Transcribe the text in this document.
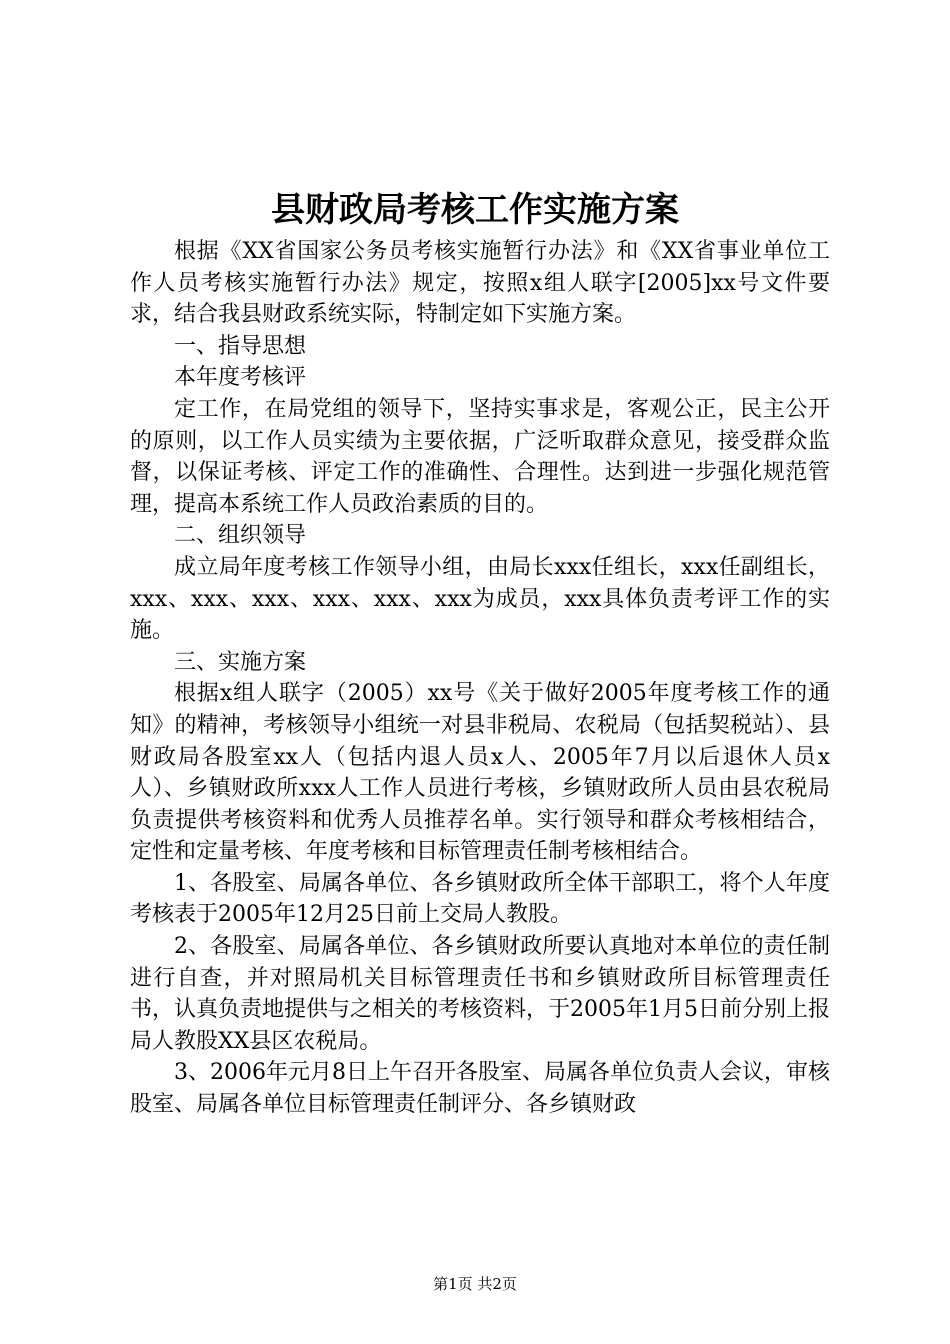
县财政局考核工作实施方案

根据《XX省国家公务员考核实施暂行办法》和《XX省事业单位工作人员考核实施暂行办法》规定，按照x组人联字[2005]xx号文件要求，结合我县财政系统实际，特制定如下实施方案。

一、指导思想

本年度考核评

定工作，在局党组的领导下，坚持实事求是，客观公正，民主公开的原则，以工作人员实绩为主要依据，广泛听取群众意见，接受群众监督，以保证考核、评定工作的准确性、合理性。达到进一步强化规范管理，提高本系统工作人员政治素质的目的。

二、组织领导

成立局年度考核工作领导小组，由局长xxx任组长，xxx任副组长，xxx、xxx、xxx、xxx、xxx、xxx为成员，xxx具体负责考评工作的实施。

三、实施方案

根据x组人联字（2005）xx号《关于做好2005年度考核工作的通知》的精神，考核领导小组统一对县非税局、农税局（包括契税站）、县财政局各股室xx人（包括内退人员x人、2005年7月以后退休人员x人）、乡镇财政所xxx人工作人员进行考核，乡镇财政所人员由县农税局负责提供考核资料和优秀人员推荐名单。实行领导和群众考核相结合，定性和定量考核、年度考核和目标管理责任制考核相结合。

1、各股室、局属各单位、各乡镇财政所全体干部职工，将个人年度考核表于2005年12月25日前上交局人教股。

2、各股室、局属各单位、各乡镇财政所要认真地对本单位的责任制进行自查，并对照局机关目标管理责任书和乡镇财政所目标管理责任书，认真负责地提供与之相关的考核资料，于2005年1月5日前分别上报局人教股XX县区农税局。

3、2006年元月8日上午召开各股室、局属各单位负责人会议，审核股室、局属各单位目标管理责任制评分、各乡镇财政

第1页 共2页
